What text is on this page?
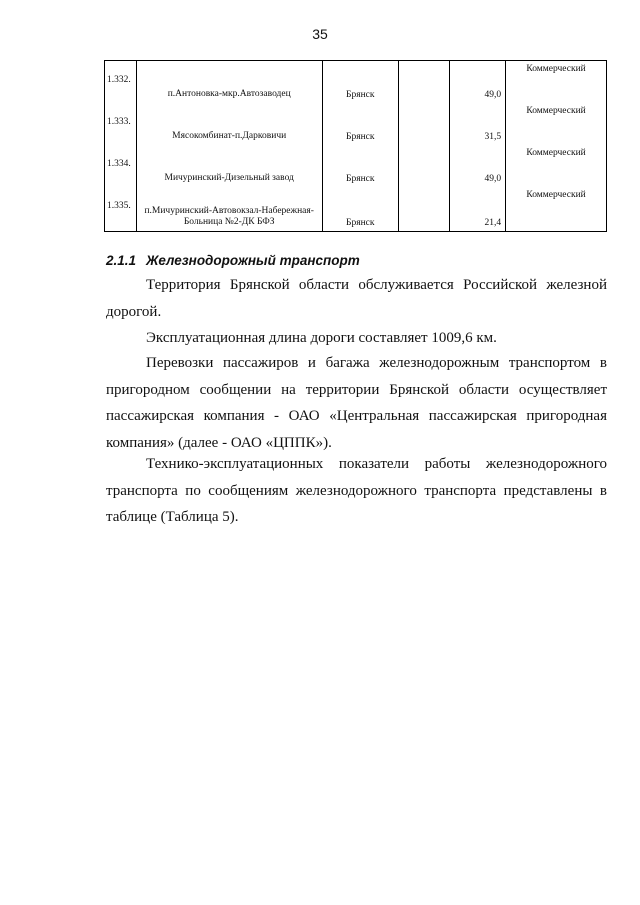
35
1.332.	п.Антоновка-мкр.Автозаводец	Брянск		49,0	Коммерческий

1.333.	Мясокомбинат-п.Дарковичи	Брянск		31,5	Коммерческий

1.334.	Мичуринский-Дизельный завод	Брянск		49,0	Коммерческий

1.335.	п.Мичуринский-Автовокзал-Набережная-Больница №2-ДК БФЗ	Брянск		21,4	Коммерческий
2.1.1 Железнодорожный транспорт

Территория Брянской области обслуживается Российской железной дорогой.

Эксплуатационная длина дороги составляет 1009,6 км.

Перевозки пассажиров и багажа железнодорожным транспортом в пригородном сообщении на территории Брянской области осуществляет пассажирская компания - ОАО «Центральная пассажирская пригородная компания» (далее - ОАО «ЦППК»).

Технико-эксплуатационных показатели работы железнодорожного транспорта по сообщениям железнодорожного транспорта представлены в таблице (Таблица 5).
